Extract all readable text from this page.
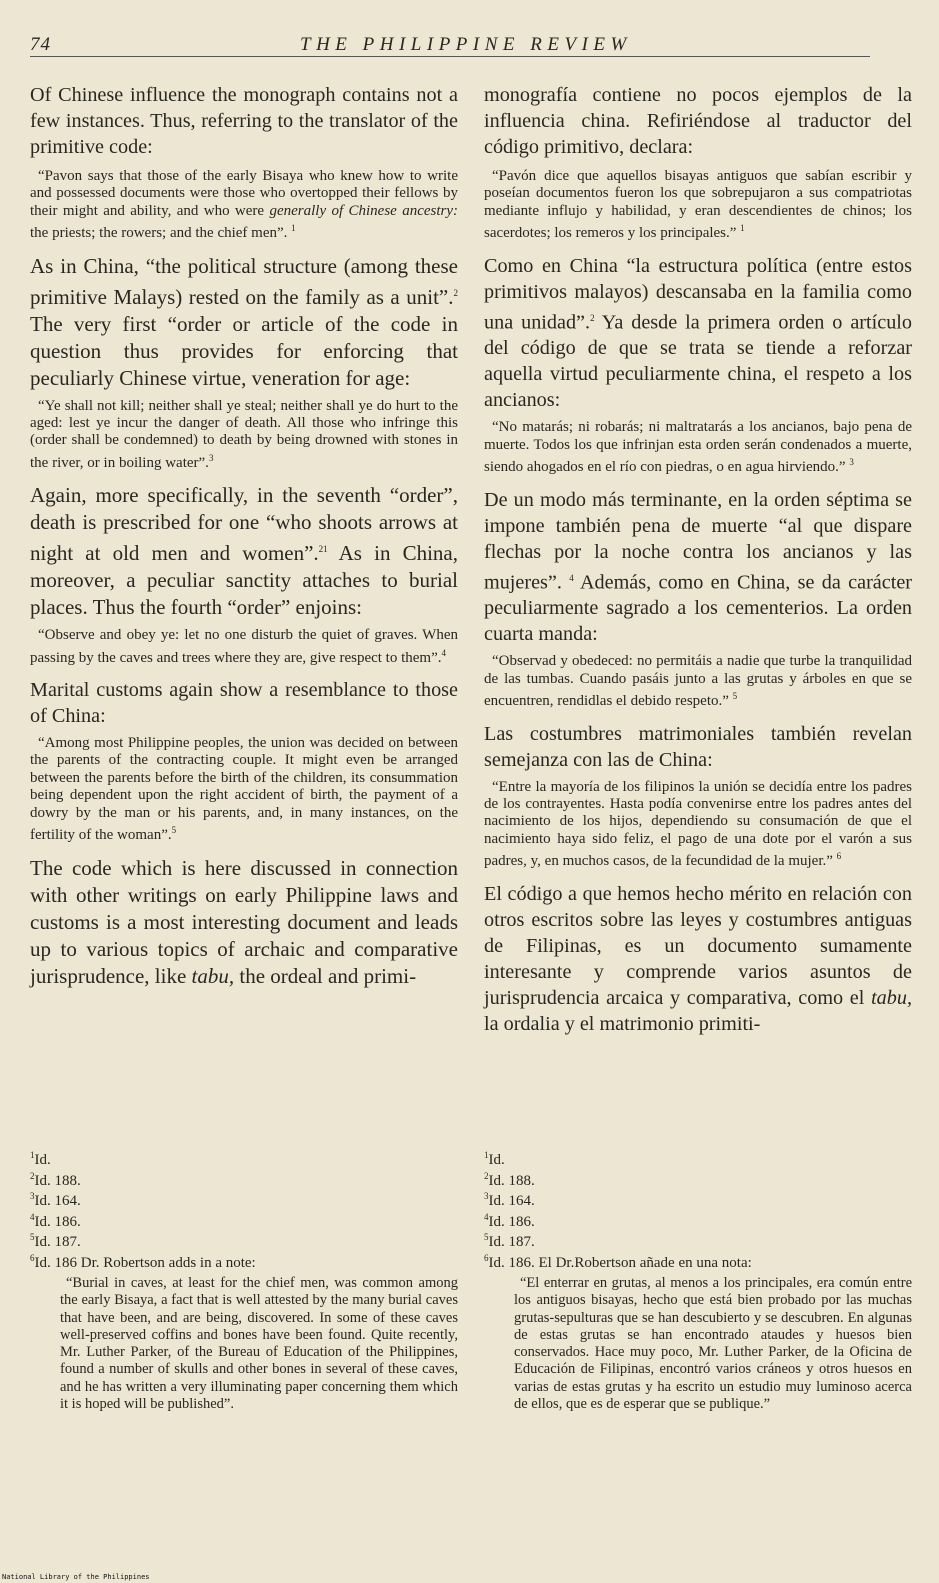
74	THE PHILIPPINE REVIEW

Of Chinese influence the monograph contains not a few instances. Thus, referring to the translator of the primitive code:

“Pavon says that those of the early Bisaya who knew how to write and possessed documents were those who overtopped their fellows by their might and ability, and who were generally of Chinese ancestry: the priests; the rowers; and the chief men”. $^1$

As in China, “the political structure (among these primitive Malays) rested on the family as a unit”.$^2$ The very first “order or article of the code in question thus provides for enforcing that peculiarly Chinese virtue, veneration for age:

“Ye shall not kill; neither shall ye steal; neither shall ye do hurt to the aged: lest ye incur the danger of death. All those who infringe this (order shall be condemned) to death by being drowned with stones in the river, or in boiling water”.$^3$

Again, more specifically, in the seventh “order”, death is prescribed for one “who shoots arrows at night at old men and women”.$^{21}$ As in China, moreover, a peculiar sanctity attaches to burial places. Thus the fourth “order” enjoins:

“Observe and obey ye: let no one disturb the quiet of graves. When passing by the caves and trees where they are, give respect to them”.$^4$

Marital customs again show a resemblance to those of China:

“Among most Philippine peoples, the union was decided on between the parents of the contracting couple. It might even be arranged between the parents before the birth of the children, its consummation being dependent upon the right accident of birth, the payment of a dowry by the man or his parents, and, in many instances, on the fertility of the woman”.$^5$

The code which is here discussed in connection with other writings on early Philippine laws and customs is a most interesting document and leads up to various topics of archaic and comparative jurisprudence, like tabu, the ordeal and primi-

$^1$Id.
$^2$Id. 188.
$^3$Id. 164.
$^4$Id. 186.
$^5$Id. 187.
$^6$Id. 186 Dr. Robertson adds in a note:
“Burial in caves, at least for the chief men, was common among the early Bisaya, a fact that is well attested by the many burial caves that have been, and are being, discovered. In some of these caves well-preserved coffins and bones have been found. Quite recently, Mr. Luther Parker, of the Bureau of Education of the Philippines, found a number of skulls and other bones in several of these caves, and he has written a very illuminating paper concerning them which it is hoped will be published”.

monografía contiene no pocos ejemplos de la influencia china. Refiriéndose al traductor del código primitivo, declara:

“Pavón dice que aquellos bisayas antiguos que sabían escribir y poseían documentos fueron los que sobrepujaron a sus compatriotas mediante influjo y habilidad, y eran descendientes de chinos; los sacerdotes; los remeros y los principales.” $^1$

Como en China “la estructura política (entre estos primitivos malayos) descansaba en la familia como una unidad”.$^2$ Ya desde la primera orden o artículo del código de que se trata se tiende a reforzar aquella virtud peculiarmente china, el respeto a los ancianos:

“No matarás; ni robarás; ni maltratarás a los ancianos, bajo pena de muerte. Todos los que infrinjan esta orden serán condenados a muerte, siendo ahogados en el río con piedras, o en agua hirviendo.” $^3$

De un modo más terminante, en la orden séptima se impone también pena de muerte “al que dispare flechas por la noche contra los ancianos y las mujeres”. $^4$ Además, como en China, se da carácter peculiarmente sagrado a los cementerios. La orden cuarta manda:

“Observad y obedeced: no permitáis a nadie que turbe la tranquilidad de las tumbas. Cuando pasáis junto a las grutas y árboles en que se encuentren, rendidlas el debido respeto.” $^5$

Las costumbres matrimoniales también revelan semejanza con las de China:

“Entre la mayoría de los filipinos la unión se decidía entre los padres de los contrayentes. Hasta podía convenirse entre los padres antes del nacimiento de los hijos, dependiendo su consumación de que el nacimiento haya sido feliz, el pago de una dote por el varón a sus padres, y, en muchos casos, de la fecundidad de la mujer.” $^6$

El código a que hemos hecho mérito en relación con otros escritos sobre las leyes y costumbres antiguas de Filipinas, es un documento sumamente interesante y comprende varios asuntos de jurisprudencia arcaica y comparativa, como el tabu, la ordalia y el matrimonio primiti-

$^1$Id.
$^2$Id. 188.
$^3$Id. 164.
$^4$Id. 186.
$^5$Id. 187.
$^6$Id. 186. El Dr.Robertson añade en una nota:
“El enterrar en grutas, al menos a los principales, era común entre los antiguos bisayas, hecho que está bien probado por las muchas grutas-sepulturas que se han descubierto y se descubren. En algunas de estas grutas se han encontrado ataudes y huesos bien conservados. Hace muy poco, Mr. Luther Parker, de la Oficina de Educación de Filipinas, encontró varios cráneos y otros huesos en varias de estas grutas y ha escrito un estudio muy luminoso acerca de ellos, que es de esperar que se publique.”
National Library of the Philippines
